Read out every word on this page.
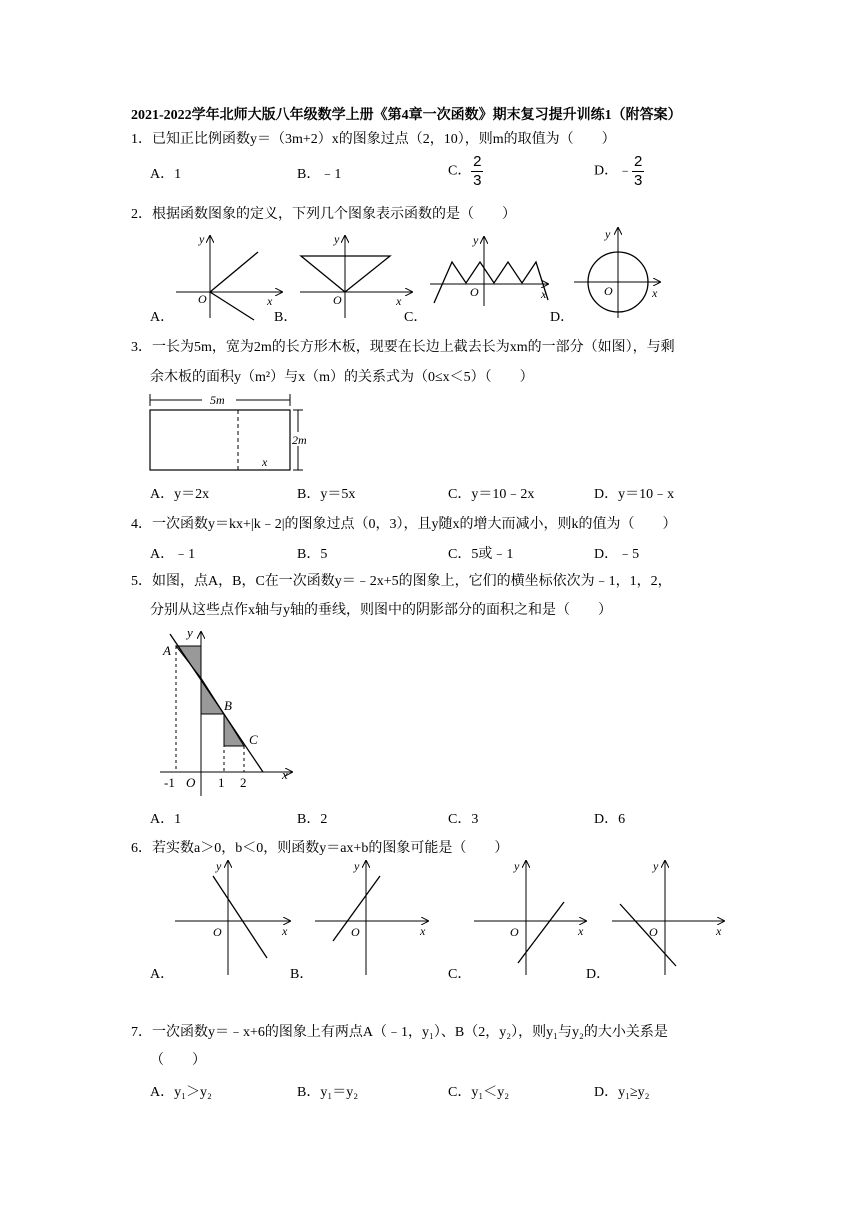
2021-2022学年北师大版八年级数学上册《第4章一次函数》期末复习提升训练1（附答案）
1．已知正比例函数y＝（3m+2）x的图象过点（2，10），则m的取值为（　　）
A．1	B．﹣1	C． $\frac{2}{3}$	D．﹣ $\frac{2}{3}$
2．根据函数图象的定义，下列几个图象表示函数的是（　　）
A．	B．	C．	D．
y
O	x
y
O	x
y
O	x
y
O	x
5m
2m
x
A
B
C
y
x
O
-1	1 2
y
O	x
y
O	x
y
O	x
y
O	x
3．一长为5m，宽为2m的长方形木板，现要在长边上截去长为xm的一部分（如图），与剩
余木板的面积y（m²）与x（m）的关系式为（0≤x＜5）（　　）
A．y＝2x	B．y＝5x	C．y＝10﹣2x	D．y＝10﹣x
4．一次函数y＝kx+|k﹣2|的图象过点（0，3），且y随x的增大而减小，则k的值为（　　）
A．﹣1	B．5	C．5或﹣1	D．﹣5
5．如图，点A，B，C在一次函数y＝﹣2x+5的图象上，它们的横坐标依次为﹣1，1，2，
分别从这些点作x轴与y轴的垂线，则图中的阴影部分的面积之和是（　　）
A．1	B．2	C．3	D．6
6．若实数a＞0，b＜0，则函数y＝ax+b的图象可能是（　　）
A．	B．	C．	D．
7．一次函数y＝﹣x+6的图象上有两点A（﹣1，y₁）、B（2，y₂），则y₁与y₂的大小关系是
（　　）
A．y₁＞y₂	B．y₁＝y₂	C．y₁＜y₂	D．y₁≥y₂
